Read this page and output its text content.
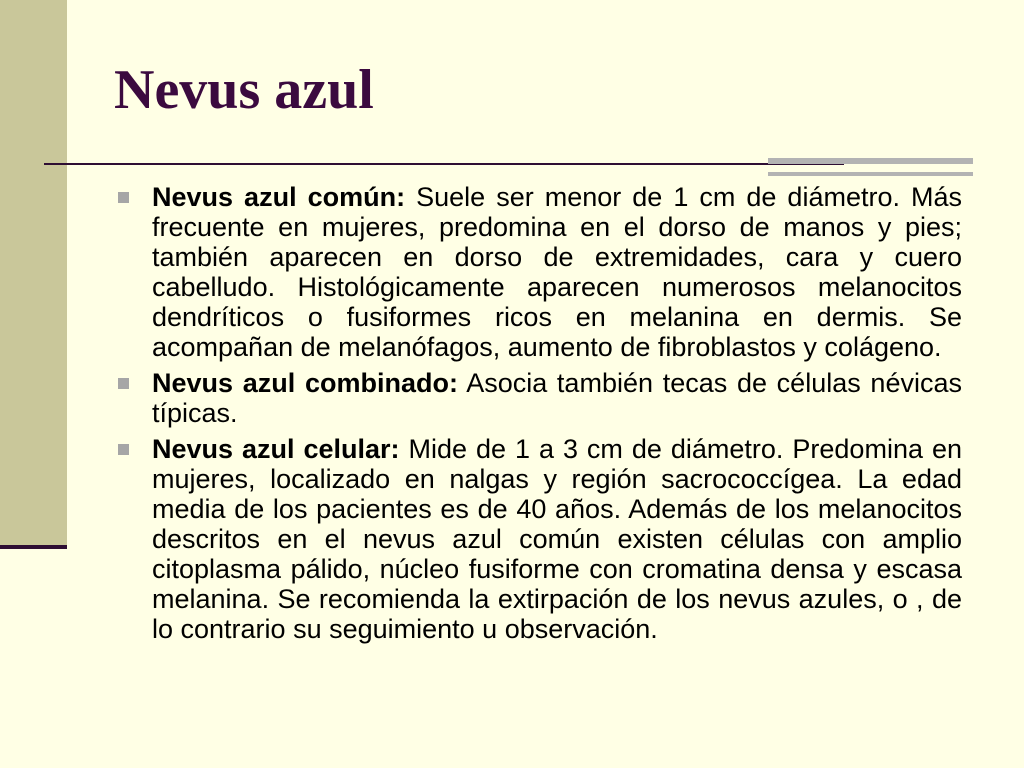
Nevus azul
Nevus azul común: Suele ser menor de 1 cm de diámetro. Más frecuente en mujeres, predomina en el dorso de manos y pies; también aparecen en dorso de extremidades, cara y cuero cabelludo. Histológicamente aparecen numerosos melanocitos dendríticos o fusiformes ricos en melanina en dermis. Se acompañan de melanófagos, aumento de fibroblastos y colágeno.
Nevus azul combinado: Asocia también tecas de células névicas típicas.
Nevus azul celular: Mide de 1 a 3 cm de diámetro. Predomina en mujeres, localizado en nalgas y región sacrococcígea. La edad media de los pacientes es de 40 años. Además de los melanocitos descritos en el nevus azul común existen células con amplio citoplasma pálido, núcleo fusiforme con cromatina densa y escasa melanina. Se recomienda la extirpación de los nevus azules, o , de lo contrario su seguimiento u observación.
